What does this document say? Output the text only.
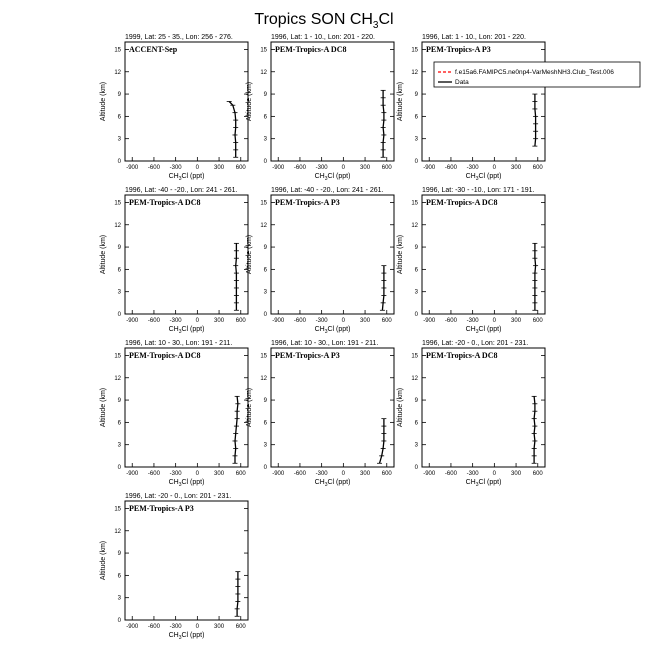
Tropics SON $CH_3Cl$
1999, Lat: 25 - 35., Lon: 256 - 276.
ACCENT-Sep
-900 -600 -300 0	300 600
0
3
6
9
12
15
$CH_3Cl$ (ppt)
Altitude (km)
1996, Lat: 1 - 10., Lon: 201 - 220.
PEM-Tropics-A DC8
-900 -600 -300 0	300 600
0
3
6
9
12
15
$CH_3Cl$ (ppt)
Altitude (km)
1996, Lat: 1 - 10., Lon: 201 - 220.
PEM-Tropics-A P3
-900 -600 -300 0	300 600
0
3
6
9
12
15
$CH_3Cl$ (ppt)
Altitude (km)
f.e15a6.FAMIPC5.ne0np4-VarMeshNH3.Club_Test.006
Data
1996, Lat: -40 - -20., Lon: 241 - 261.
PEM-Tropics-A DC8
-900 -600 -300 0	300 600
0
3
6
9
12
15
$CH_3Cl$ (ppt)
Altitude (km)
1996, Lat: -40 - -20., Lon: 241 - 261.
PEM-Tropics-A P3
-900 -600 -300 0	300 600
0
3
6
9
12
15
$CH_3Cl$ (ppt)
Altitude (km)
1996, Lat: -30 - -10., Lon: 171 - 191.
PEM-Tropics-A DC8
-900 -600 -300 0	300 600
0
3
6
9
12
15
$CH_3Cl$ (ppt)
Altitude (km)
1996, Lat: 10 - 30., Lon: 191 - 211.
PEM-Tropics-A DC8
-900 -600 -300 0	300 600
0
3
6
9
12
15
$CH_3Cl$ (ppt)
Altitude (km)
1996, Lat: 10 - 30., Lon: 191 - 211.
PEM-Tropics-A P3
-900 -600 -300 0	300 600
0
3
6
9
12
15
$CH_3Cl$ (ppt)
Altitude (km)
1996, Lat: -20 - 0., Lon: 201 - 231.
PEM-Tropics-A DC8
-900 -600 -300 0	300 600
0
3
6
9
12
15
$CH_3Cl$ (ppt)
Altitude (km)
1996, Lat: -20 - 0., Lon: 201 - 231.
PEM-Tropics-A P3
-900 -600 -300 0	300 600
0
3
6
9
12
15
$CH_3Cl$ (ppt)
Altitude (km)
